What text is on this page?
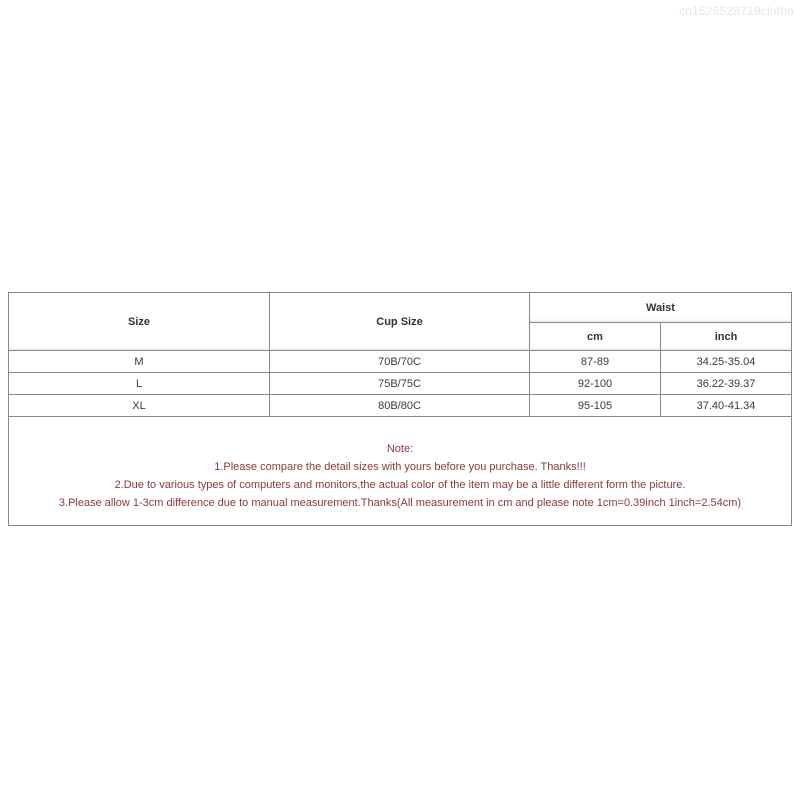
cn1526528719clotho
Size	Cup Size	Waist	
		cm	inch
M	70B/70C	87-89	34.25-35.04
L	75B/75C	92-100	36.22-39.37
XL	80B/80C	95-105	37.40-41.34

Note:
1.Please compare the detail sizes with yours before you purchase. Thanks!!!
2.Due to various types of computers and monitors,the actual color of the item may be a little different form the picture.
3.Please allow 1-3cm difference due to manual measurement.Thanks(All measurement in cm and please note 1cm=0.39inch 1inch=2.54cm)			
